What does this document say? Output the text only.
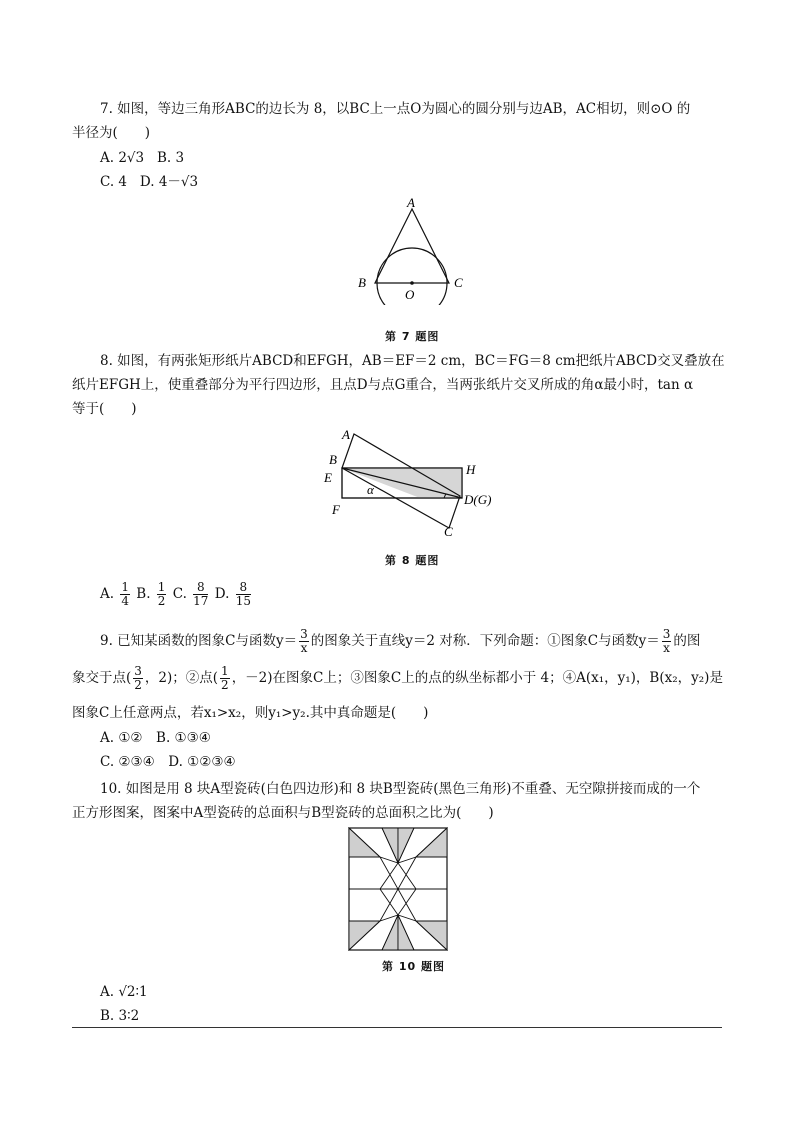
7. 如图，等边三角形ABC的边长为 8，以BC上一点O为圆心的圆分别与边AB，AC相切，则⊙O 的
半径为(　　)
A. 2√3 B. 3
C. 4 D. 4－√3
A
B	C
O
第 7 题图
8. 如图，有两张矩形纸片ABCD和EFGH，AB＝EF＝2 cm，BC＝FG＝8 cm把纸片ABCD交叉叠放在
纸片EFGH上，使重叠部分为平行四边形，且点D与点G重合，当两张纸片交叉所成的角α最小时，tan α
等于(　　)
A
B
E
F
H
D(G)
C
α
第 8 题图
A. $\frac{1}{4} B$. $\frac{1}{2} C$. $\frac{8}{17} D$. $\frac{8}{15}$
9. 已知某函数的图象C与函数$y= \frac{3}{x}$ 的图象关于直线y＝2 对称．下列命题：①图象C与函数$y= \frac{3}{x}$ 的图
象交于点( $\frac{3}{2}$ ，2)；②点( $\frac{1}{2}$ ，－2)在图象C上；③图象C上的点的纵坐标都小于 4；④A(x₁，y₁)，B(x₂，y₂)是
图象C上任意两点，若x₁>x₂，则y₁>y₂.其中真命题是(　　)
A. ①②　B. ①③④
C. ②③④　D. ①②③④
10. 如图是用 8 块A型瓷砖(白色四边形)和 8 块B型瓷砖(黑色三角形)不重叠、无空隙拼接而成的一个
正方形图案，图案中A型瓷砖的总面积与B型瓷砖的总面积之比为(　　)
第 10 题图
A. √2∶1
B. 3∶2
